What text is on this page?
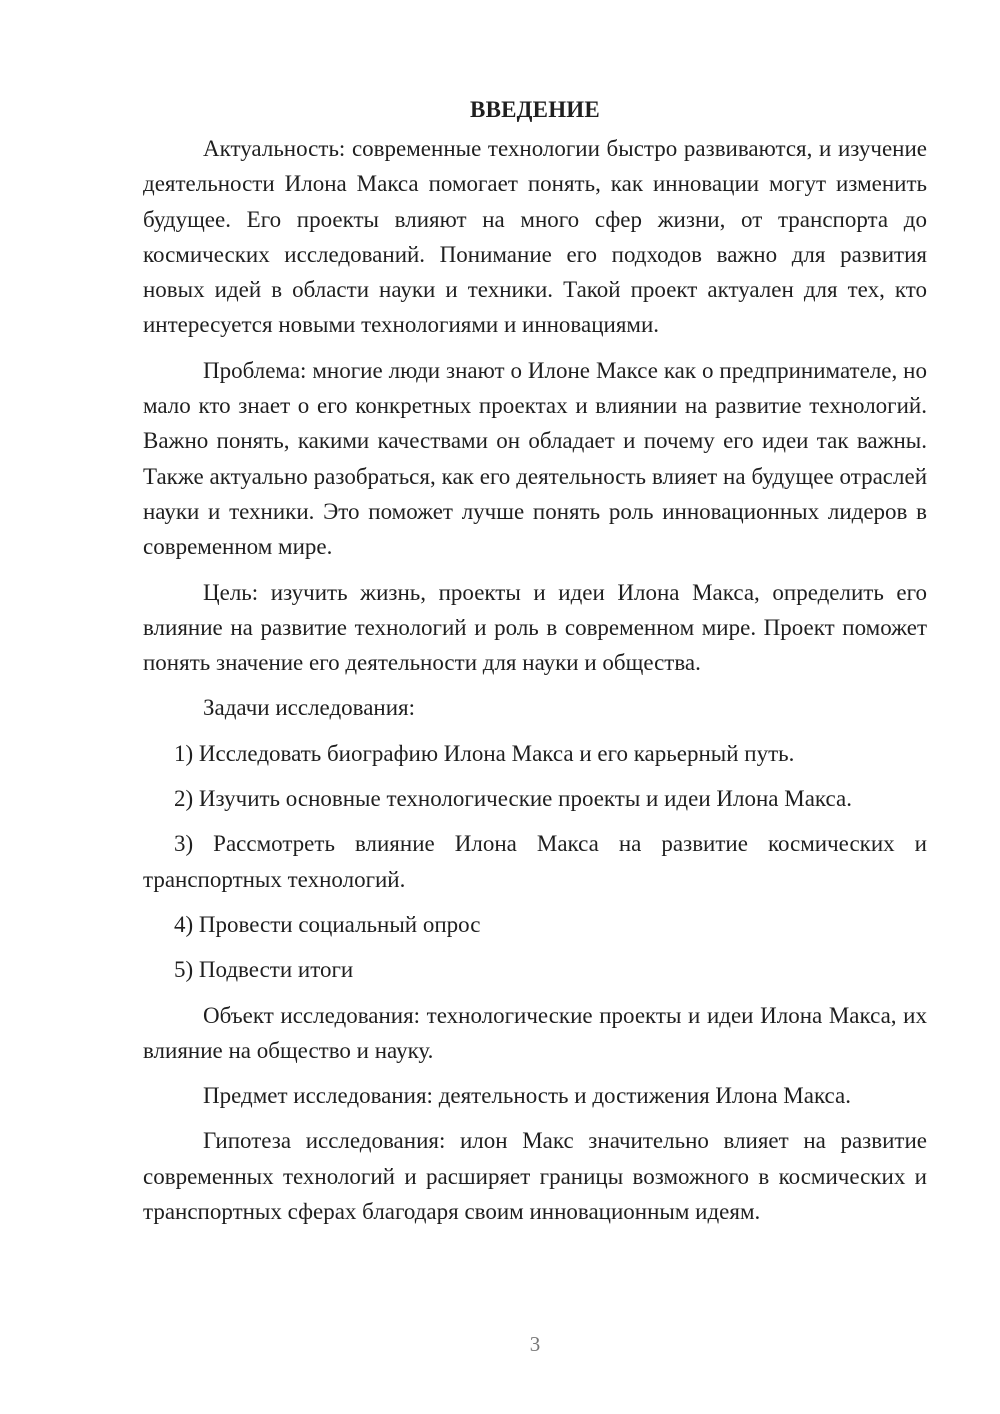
ВВЕДЕНИЕ

Актуальность: современные технологии быстро развиваются, и изучение деятельности Илона Макса помогает понять, как инновации могут изменить будущее. Его проекты влияют на много сфер жизни, от транспорта до космических исследований. Понимание его подходов важно для развития новых идей в области науки и техники. Такой проект актуален для тех, кто интересуется новыми технологиями и инновациями.

Проблема: многие люди знают о Илоне Максе как о предпринимателе, но мало кто знает о его конкретных проектах и влиянии на развитие технологий. Важно понять, какими качествами он обладает и почему его идеи так важны. Также актуально разобраться, как его деятельность влияет на будущее отраслей науки и техники. Это поможет лучше понять роль инновационных лидеров в современном мире.

Цель: изучить жизнь, проекты и идеи Илона Макса, определить его влияние на развитие технологий и роль в современном мире. Проект поможет понять значение его деятельности для науки и общества.

Задачи исследования:

1) Исследовать биографию Илона Макса и его карьерный путь.

2) Изучить основные технологические проекты и идеи Илона Макса.

3) Рассмотреть влияние Илона Макса на развитие космических и транспортных технологий.

4) Провести социальный опрос

5) Подвести итоги

Объект исследования: технологические проекты и идеи Илона Макса, их влияние на общество и науку.

Предмет исследования: деятельность и достижения Илона Макса.

Гипотеза исследования: илон Макс значительно влияет на развитие современных технологий и расширяет границы возможного в космических и транспортных сферах благодаря своим инновационным идеям.

3
